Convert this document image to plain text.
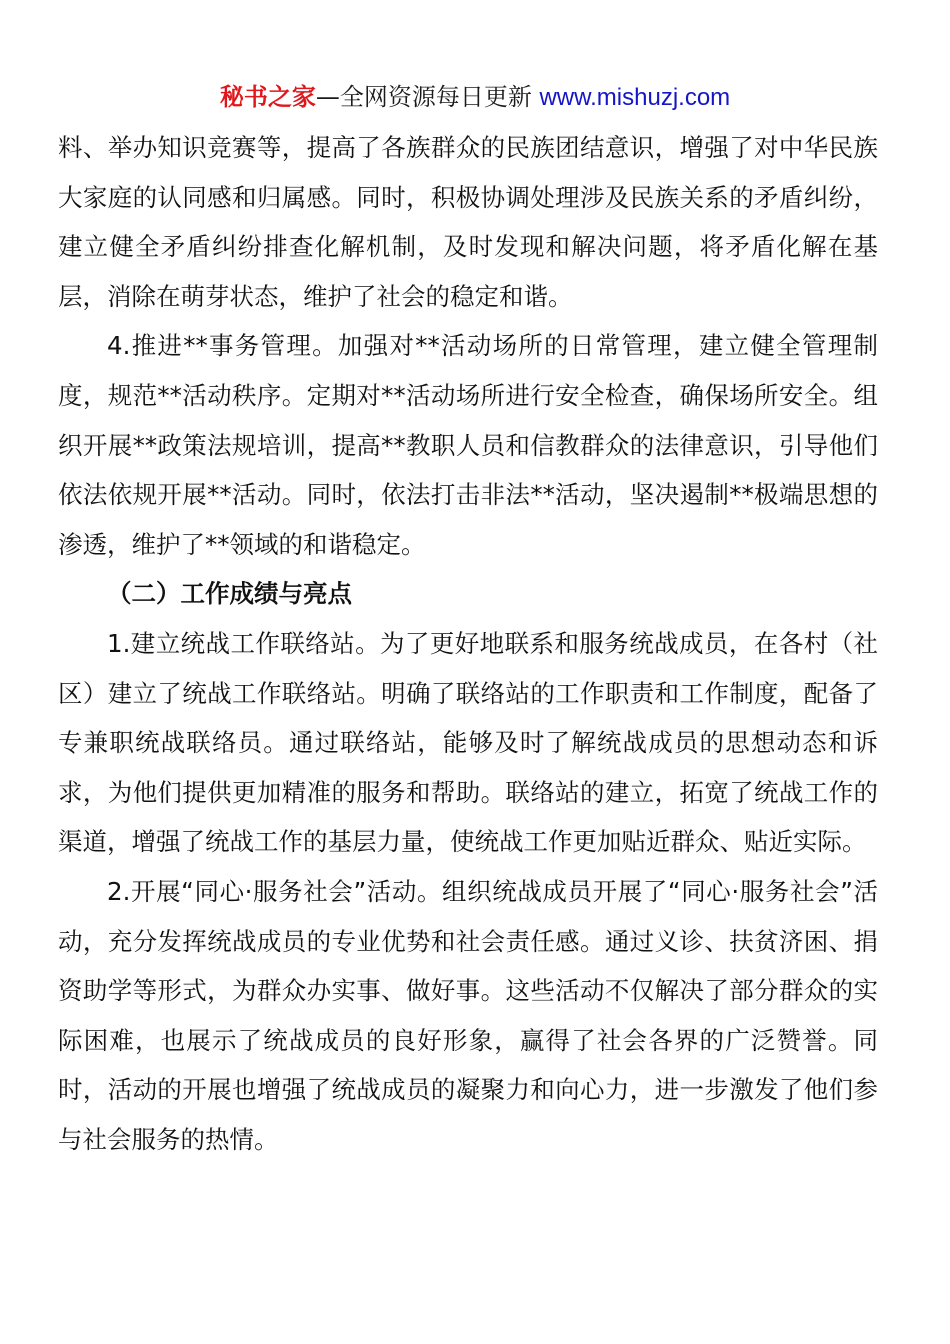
秘书之家—全网资源每日更新 www.mishuzj.com

料、举办知识竞赛等，提高了各族群众的民族团结意识，增强了对中华民族大家庭的认同感和归属感。同时，积极协调处理涉及民族关系的矛盾纠纷，建立健全矛盾纠纷排查化解机制，及时发现和解决问题，将矛盾化解在基层，消除在萌芽状态，维护了社会的稳定和谐。

4.推进**事务管理。加强对**活动场所的日常管理，建立健全管理制度，规范**活动秩序。定期对**活动场所进行安全检查，确保场所安全。组织开展**政策法规培训，提高**教职人员和信教群众的法律意识，引导他们依法依规开展**活动。同时，依法打击非法**活动，坚决遏制**极端思想的渗透，维护了**领域的和谐稳定。

（二）工作成绩与亮点

1.建立统战工作联络站。为了更好地联系和服务统战成员，在各村（社区）建立了统战工作联络站。明确了联络站的工作职责和工作制度，配备了专兼职统战联络员。通过联络站，能够及时了解统战成员的思想动态和诉求，为他们提供更加精准的服务和帮助。联络站的建立，拓宽了统战工作的渠道，增强了统战工作的基层力量，使统战工作更加贴近群众、贴近实际。

2.开展“同心·服务社会”活动。组织统战成员开展了“同心·服务社会”活动，充分发挥统战成员的专业优势和社会责任感。通过义诊、扶贫济困、捐资助学等形式，为群众办实事、做好事。这些活动不仅解决了部分群众的实际困难，也展示了统战成员的良好形象，赢得了社会各界的广泛赞誉。同时，活动的开展也增强了统战成员的凝聚力和向心力，进一步激发了他们参与社会服务的热情。
